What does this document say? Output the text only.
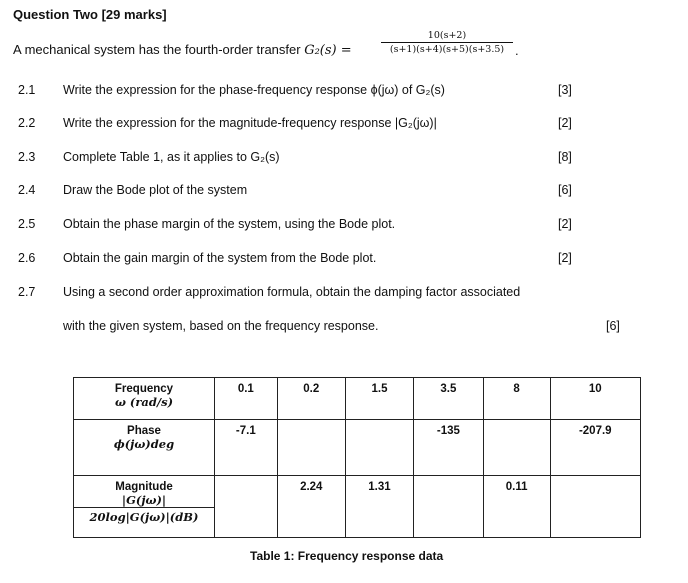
Question Two [29 marks]
A mechanical system has the fourth-order transfer G₂(s) =	$\frac{10(s+2)}{(s+1)(s+4)(s+5)(s+3.5)}$ .
2.1 Write the expression for the phase-frequency response ϕ(jω) of G₂(s)	[3]
2.2 Write the expression for the magnitude-frequency response |G₂(jω)|	[2]
2.3 Complete Table 1, as it applies to G₂(s)	[8]
2.4 Draw the Bode plot of the system	[6]
2.5 Obtain the phase margin of the system, using the Bode plot.	[2]
2.6 Obtain the gain margin of the system from the Bode plot.	[2]
2.7 Using a second order approximation formula, obtain the damping factor associated
with the given system, based on the frequency response.	[6]
Frequency
ω (rad/s)	0.1	0.2	1.5	3.5	8	10

Phase
ϕ(jω)deg	-7.1			-135		-207.9

Magnitude
|G(jω)|
20log|G(jω)|(dB)		2.24	1.31		0.11	
Table 1: Frequency response data
